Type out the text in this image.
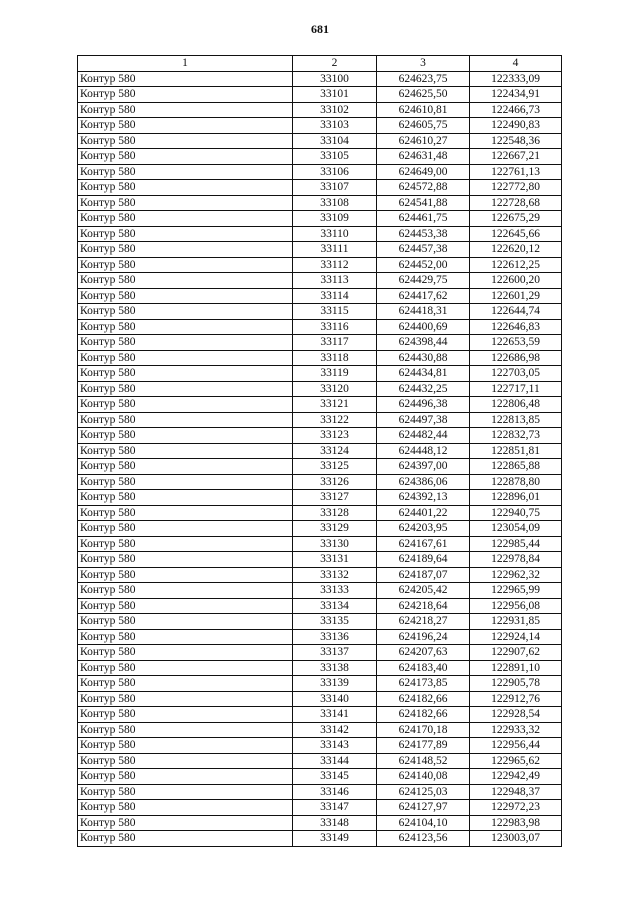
681
1	2	3	4
Контур 580	33100	624623,75	122333,09
Контур 580	33101	624625,50	122434,91
Контур 580	33102	624610,81	122466,73
Контур 580	33103	624605,75	122490,83
Контур 580	33104	624610,27	122548,36
Контур 580	33105	624631,48	122667,21
Контур 580	33106	624649,00	122761,13
Контур 580	33107	624572,88	122772,80
Контур 580	33108	624541,88	122728,68
Контур 580	33109	624461,75	122675,29
Контур 580	33110	624453,38	122645,66
Контур 580	33111	624457,38	122620,12
Контур 580	33112	624452,00	122612,25
Контур 580	33113	624429,75	122600,20
Контур 580	33114	624417,62	122601,29
Контур 580	33115	624418,31	122644,74
Контур 580	33116	624400,69	122646,83
Контур 580	33117	624398,44	122653,59
Контур 580	33118	624430,88	122686,98
Контур 580	33119	624434,81	122703,05
Контур 580	33120	624432,25	122717,11
Контур 580	33121	624496,38	122806,48
Контур 580	33122	624497,38	122813,85
Контур 580	33123	624482,44	122832,73
Контур 580	33124	624448,12	122851,81
Контур 580	33125	624397,00	122865,88
Контур 580	33126	624386,06	122878,80
Контур 580	33127	624392,13	122896,01
Контур 580	33128	624401,22	122940,75
Контур 580	33129	624203,95	123054,09
Контур 580	33130	624167,61	122985,44
Контур 580	33131	624189,64	122978,84
Контур 580	33132	624187,07	122962,32
Контур 580	33133	624205,42	122965,99
Контур 580	33134	624218,64	122956,08
Контур 580	33135	624218,27	122931,85
Контур 580	33136	624196,24	122924,14
Контур 580	33137	624207,63	122907,62
Контур 580	33138	624183,40	122891,10
Контур 580	33139	624173,85	122905,78
Контур 580	33140	624182,66	122912,76
Контур 580	33141	624182,66	122928,54
Контур 580	33142	624170,18	122933,32
Контур 580	33143	624177,89	122956,44
Контур 580	33144	624148,52	122965,62
Контур 580	33145	624140,08	122942,49
Контур 580	33146	624125,03	122948,37
Контур 580	33147	624127,97	122972,23
Контур 580	33148	624104,10	122983,98
Контур 580	33149	624123,56	123003,07
